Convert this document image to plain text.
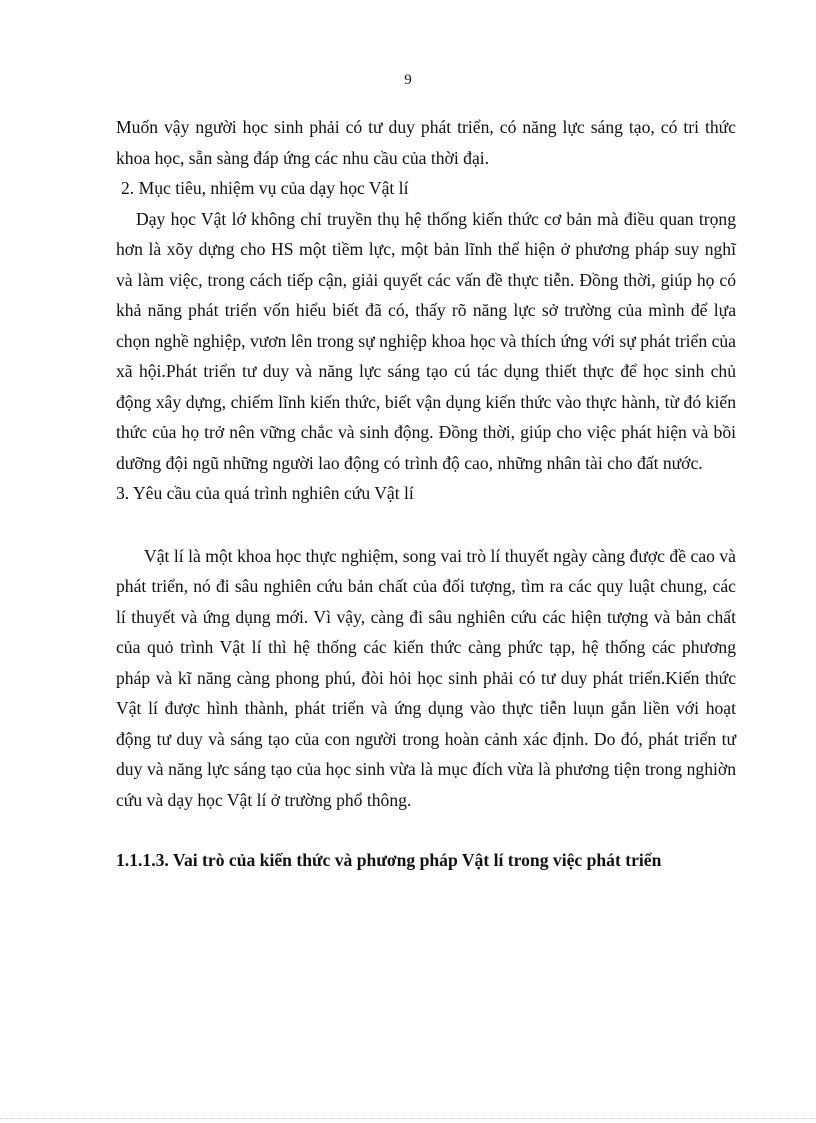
9

Muốn vậy người học sinh phải có tư duy phát triển, có năng lực sáng tạo, có tri thức khoa học, sẵn sàng đáp ứng các nhu cầu của thời đại.

2. Mục tiêu, nhiệm vụ của dạy học Vật lí

Dạy học Vật lớ không chỉ truyền thụ hệ thống kiến thức cơ bản mà điều quan trọng hơn là xõy dựng cho HS một tiềm lực, một bản lĩnh thể hiện ở phương pháp suy nghĩ và làm việc, trong cách tiếp cận, giải quyết các vấn đề thực tiễn. Đồng thời, giúp họ có khả năng phát triển vốn hiểu biết đã có, thấy rõ năng lực sở trường của mình để lựa chọn nghề nghiệp, vươn lên trong sự nghiệp khoa học và thích ứng với sự phát triển của xã hội.Phát triển tư duy và năng lực sáng tạo cú tác dụng thiết thực để học sinh chủ động xây dựng, chiếm lĩnh kiến thức, biết vận dụng kiến thức vào thực hành, từ đó kiến thức của họ trở nên vững chắc và sinh động. Đồng thời, giúp cho việc phát hiện và bồi dưỡng đội ngũ những người lao động có trình độ cao, những nhân tài cho đất nước.

3. Yêu cầu của quá trình nghiên cứu Vật lí

Vật lí là một khoa học thực nghiệm, song vai trò lí thuyết ngày càng được đề cao và phát triển, nó đi sâu nghiên cứu bản chất của đối tượng, tìm ra các quy luật chung, các lí thuyết và ứng dụng mới. Vì vậy, càng đi sâu nghiên cứu các hiện tượng và bản chất của quỏ trình Vật lí thì hệ thống các kiến thức càng phức tạp, hệ thống các phương pháp và kĩ năng càng phong phú, đòi hỏi học sinh phải có tư duy phát triển.Kiến thức Vật lí được hình thành, phát triển và ứng dụng vào thực tiễn luụn gắn liền với hoạt động tư duy và sáng tạo của con người trong hoàn cảnh xác định. Do đó, phát triển tư duy và năng lực sáng tạo của học sinh vừa là mục đích vừa là phương tiện trong nghiờn cứu và dạy học Vật lí ở trường phổ thông.

1.1.1.3. Vai trò của kiến thức và phương pháp Vật lí trong việc phát triển
